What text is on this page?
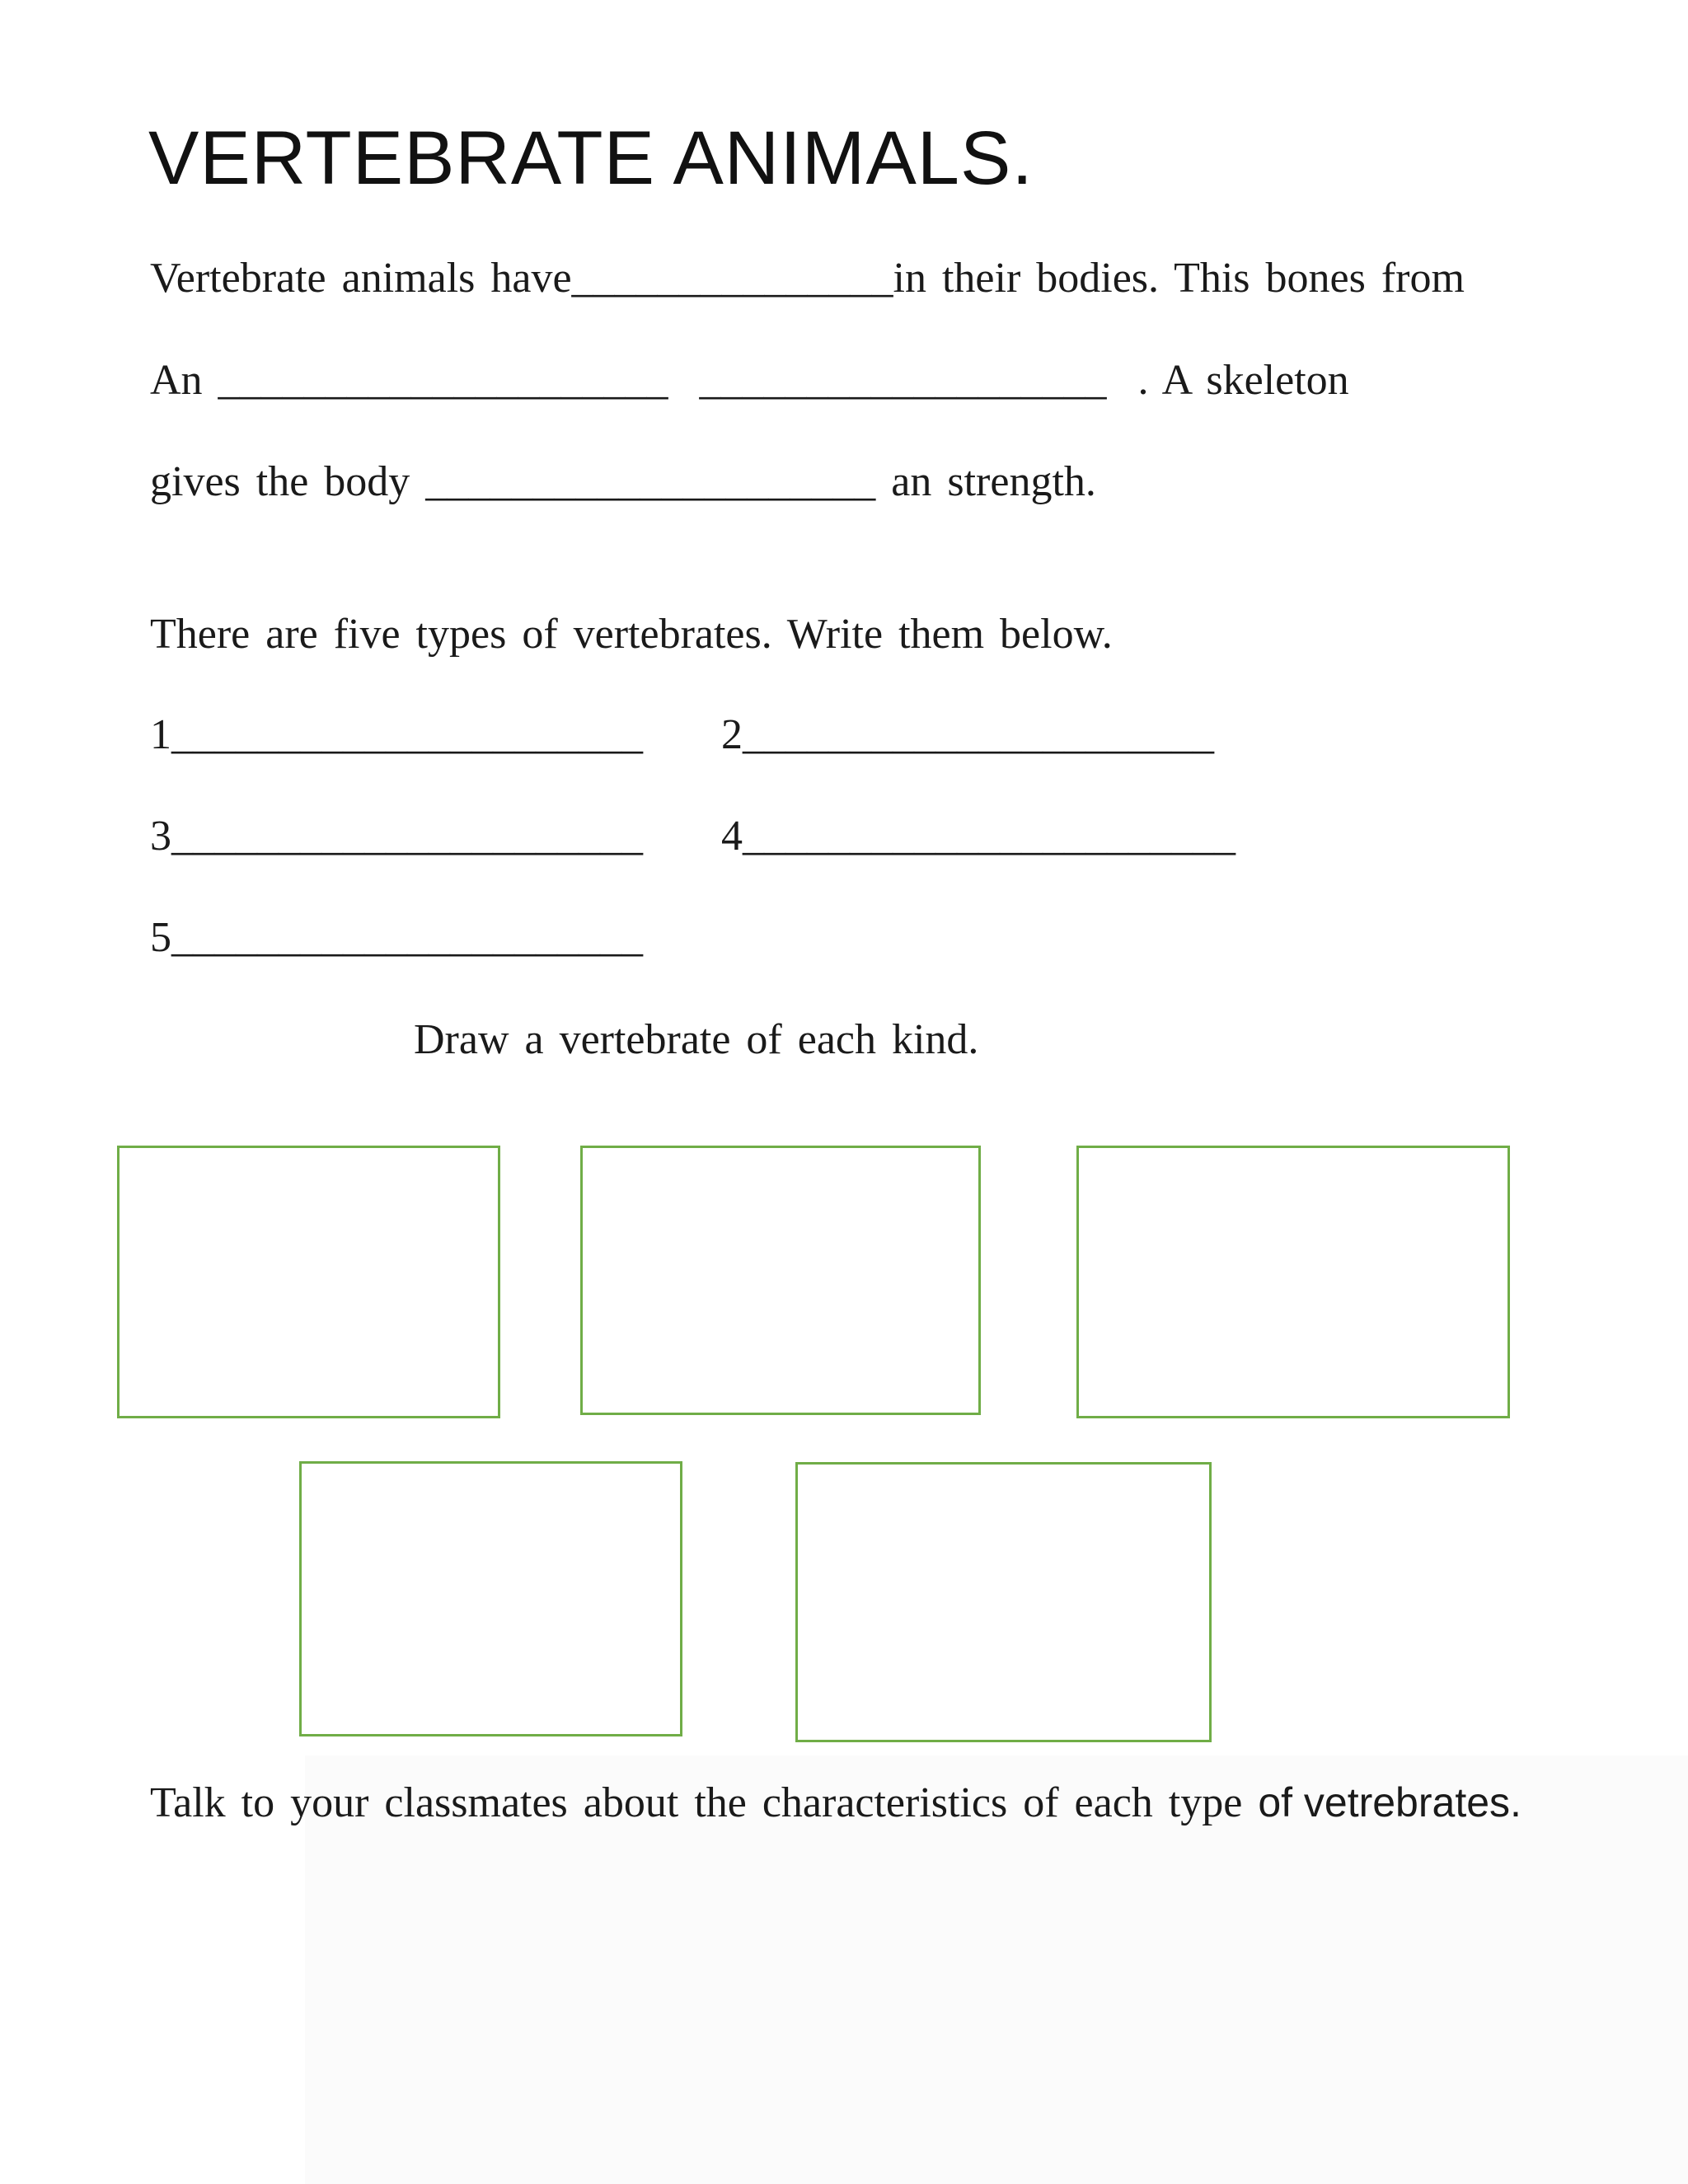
VERTEBRATE ANIMALS.
Vertebrate animals have_______________in their bodies. This bones from
An _____________________  ___________________  . A skeleton
gives the body _____________________ an strength.
There are five types of vertebrates. Write them below.
1______________________ 2______________________
3______________________ 4_______________________
5______________________
Draw a vertebrate of each kind.
Talk to your classmates about the characteristics of each type of vetrebrates.
